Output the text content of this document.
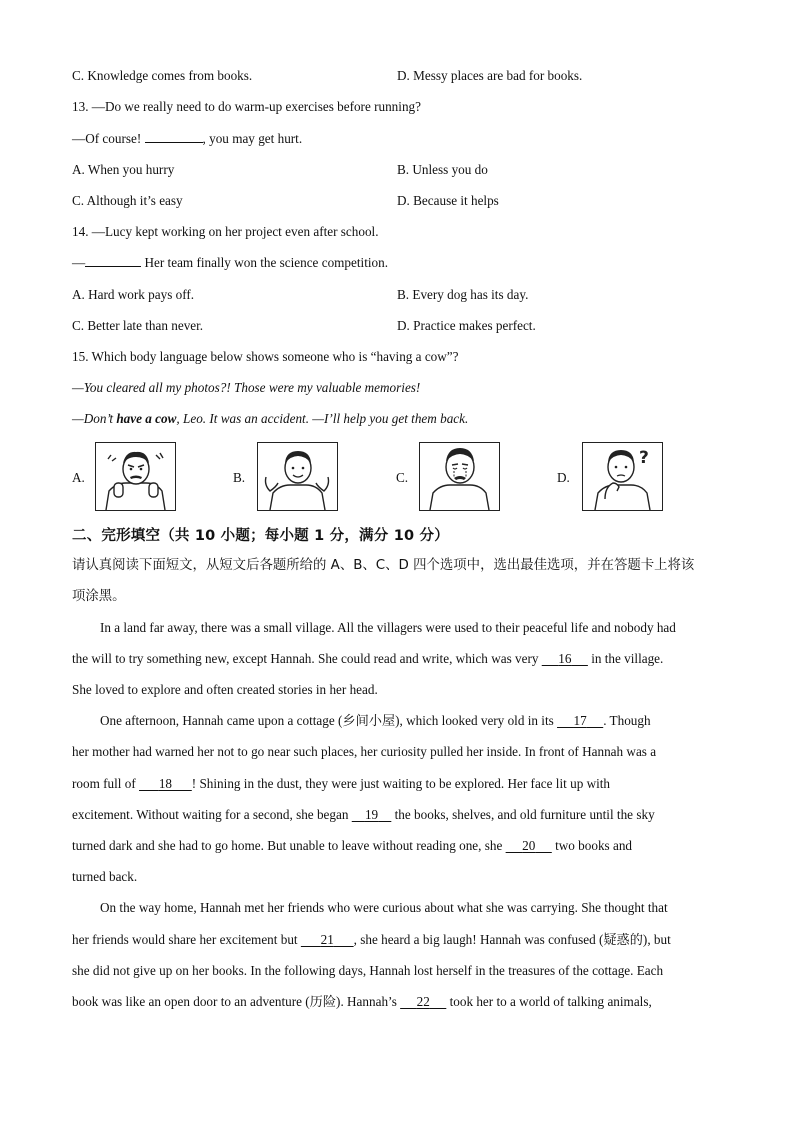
C. Knowledge comes from books.	D. Messy places are bad for books.
13. —Do we really need to do warm-up exercises before running?
—Of course!	, you may get hurt.
A. When you hurry	B. Unless you do
C. Although it’s easy	D. Because it helps
14. —Lucy kept working on her project even after school.
—	Her team finally won the science competition.
A. Hard work pays off.	B. Every dog has its day.
C. Better late than never.	D. Practice makes perfect.
15. Which body language below shows someone who is “having a cow”?
—You cleared all my photos?! Those were my valuable memories!
—Don’t have a cow, Leo. It was an accident. —I’ll help you get them back.
A.	B.	C.	D.
?
二、完形填空（共 10 小题；每小题 1 分，满分 10 分）
请认真阅读下面短文，从短文后各题所给的 A、B、C、D 四个选项中，选出最佳选项，并在答题卡上将该
项涂黑。
In a land far away, there was a small village. All the villagers were used to their peaceful life and nobody had
the will to try something new, except Hannah. She could read and write, which was very      16      in the village.
She loved to explore and often created stories in her head.
One afternoon, Hannah came upon a cottage (乡间小屋), which looked very old in its      17 . Though
her mother had warned her not to go near such places, her curiosity pulled her inside. In front of Hannah was a
room full of       18 ! Shining in the dust, they were just waiting to be explored. Her face lit up with
excitement. Without waiting for a second, she began     19     the books, shelves, and old furniture until the sky
turned dark and she had to go home. But unable to leave without reading one, she      20      two books and
turned back.
On the way home, Hannah met her friends who were curious about what she was carrying. She thought that
her friends would share her excitement but       21 , she heard a big laugh! Hannah was confused (疑惑的), but
she did not give up on her books. In the following days, Hannah lost herself in the treasures of the cottage. Each
book was like an open door to an adventure (历险). Hannah’s      22      took her to a world of talking animals,
